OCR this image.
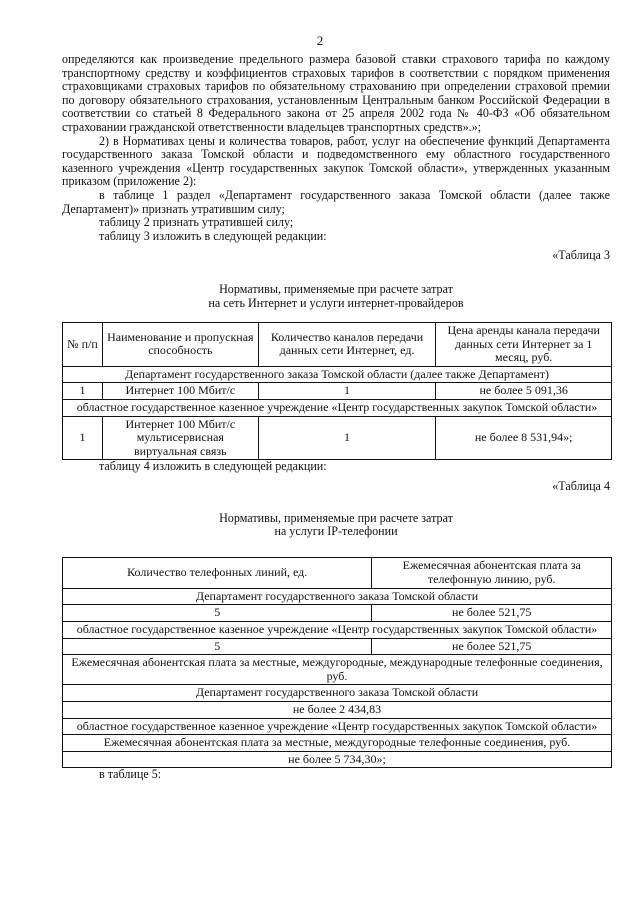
2

определяются как произведение предельного размера базовой ставки страхового тарифа по каждому транспортному средству и коэффициентов страховых тарифов в соответствии с порядком применения страховщиками страховых тарифов по обязательному страхованию при определении страховой премии по договору обязательного страхования, установленным Центральным банком Российской Федерации в соответствии со статьей 8 Федерального закона от 25 апреля 2002 года № 40-ФЗ «Об обязательном страховании гражданской ответственности владельцев транспортных средств».»;

2) в Нормативах цены и количества товаров, работ, услуг на обеспечение функций Департамента государственного заказа Томской области и подведомственного ему областного государственного казенного учреждения «Центр государственных закупок Томской области», утвержденных указанным приказом (приложение 2):

в таблице 1 раздел «Департамент государственного заказа Томской области (далее также Департамент)» признать утратившим силу;

таблицу 2 признать утратившей силу;

таблицу 3 изложить в следующей редакции:

«Таблица 3

Нормативы, применяемые при расчете затрат

на сеть Интернет и услуги интернет-провайдеров

№ п/п	Наименование и пропускная способность	Количество каналов передачи данных сети Интернет, ед.	Цена аренды канала передачи данных сети Интернет за 1 месяц, руб.
Департамент государственного заказа Томской области (далее также Департамент)			
1	Интернет 100 Мбит/с	1	не более 5 091,36
областное государственное казенное учреждение «Центр государственных закупок Томской области»			
1	Интернет 100 Мбит/с мультисервисная виртуальная связь	1	не более 8 531,94»;

таблицу 4 изложить в следующей редакции:

«Таблица 4

Нормативы, применяемые при расчете затрат

на услуги IP-телефонии

Количество телефонных линий, ед.	Ежемесячная абонентская плата за телефонную линию, руб.
Департамент государственного заказа Томской области	
5	не более 521,75
областное государственное казенное учреждение «Центр государственных закупок Томской области»	
5	не более 521,75
Ежемесячная абонентская плата за местные, междугородные, международные телефонные соединения, руб.	
Департамент государственного заказа Томской области	
не более 2 434,83	
областное государственное казенное учреждение «Центр государственных закупок Томской области»	
Ежемесячная абонентская плата за местные, междугородные телефонные соединения, руб.	
не более 5 734,30»;	

в таблице 5:
